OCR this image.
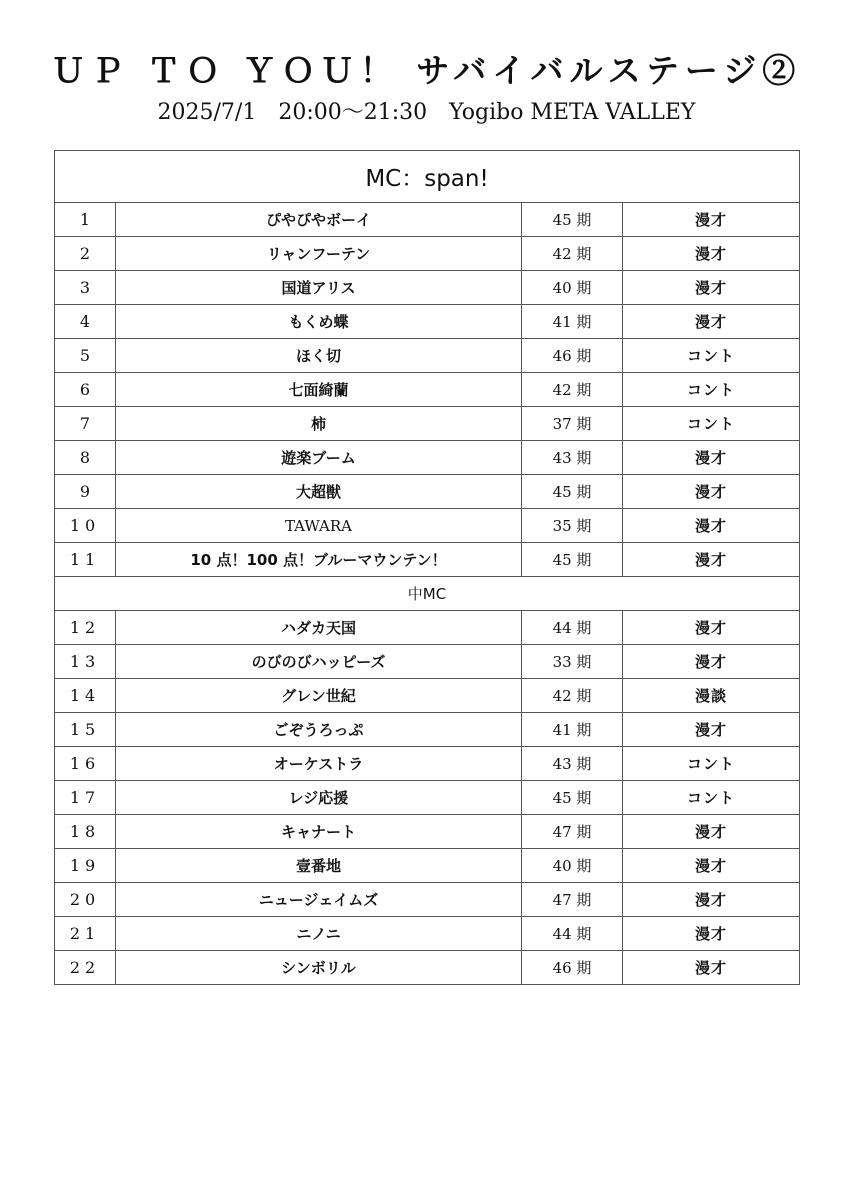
ＵＰ ＴＯ ＹＯＵ！ サバイバルステージ②
2025/7/1　20:00～21:30　Yogibo META VALLEY
MC：span!			
1	ぴやぴやボーイ	45 期	漫才
2	リャンフーテン	42 期	漫才
3	国道アリス	40 期	漫才
4	もくめ蝶	41 期	漫才
5	ほく切	46 期	コント
6	七面綺蘭	42 期	コント
7	柿	37 期	コント
8	遊楽ブーム	43 期	漫才
9	大超獣	45 期	漫才
10	TAWARA	35 期	漫才
11	10 点！100 点！ブルーマウンテン！	45 期	漫才
中MC			
12	ハダカ天国	44 期	漫才
13	のびのびハッピーズ	33 期	漫才
14	グレン世紀	42 期	漫談
15	ごぞうろっぷ	41 期	漫才
16	オーケストラ	43 期	コント
17	レジ応援	45 期	コント
18	キャナート	47 期	漫才
19	壹番地	40 期	漫才
20	ニュージェイムズ	47 期	漫才
21	ニノニ	44 期	漫才
22	シンボリル	46 期	漫才
